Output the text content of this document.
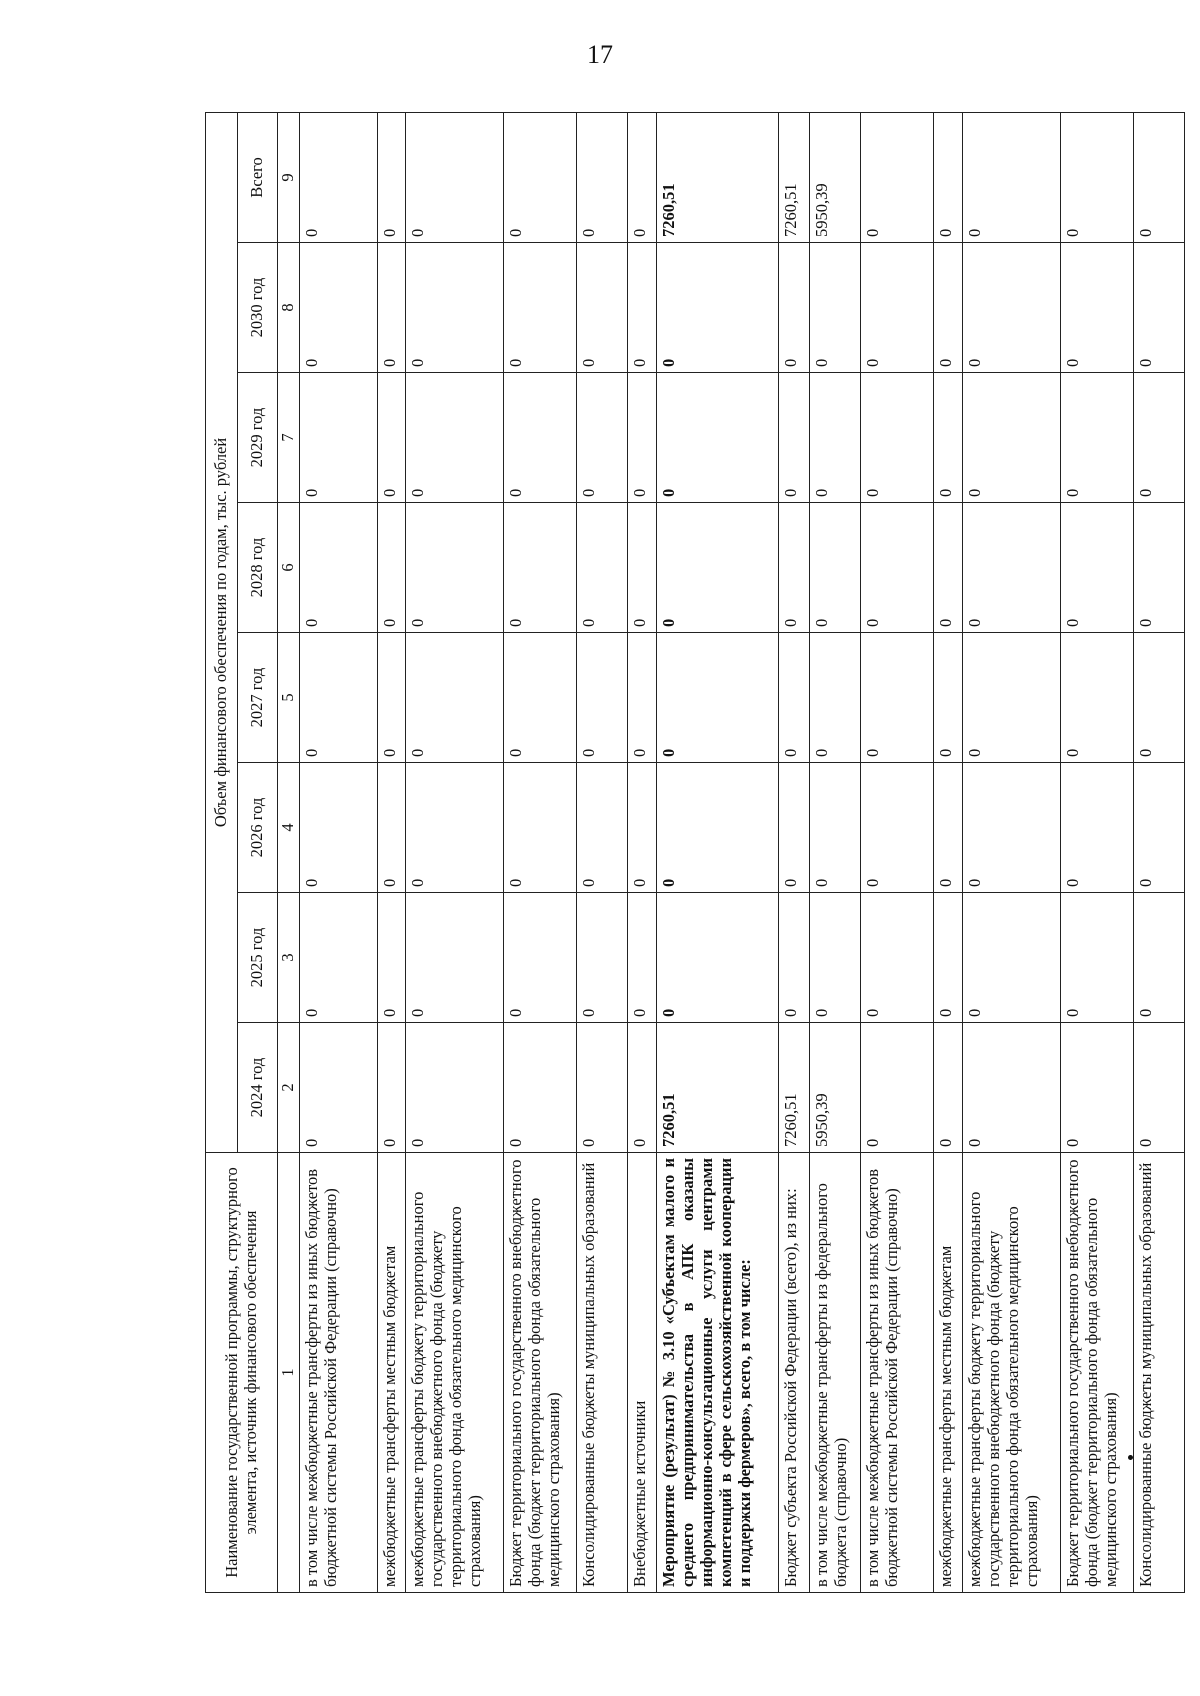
17
Наименование государственной программы, структурного элемента, источник финансового обеспечения	Объем финансового обеспечения по годам, тыс. рублей							
	2024 год	2025 год	2026 год	2027 год	2028 год	2029 год	2030 год	Всего
1	2	3	4	5	6	7	8	9
в том числе межбюджетные трансферты из иных бюджетов бюджетной системы Российской Федерации (справочно)	0	0	0	0	0	0	0	0
межбюджетные трансферты местным бюджетам	0	0	0	0	0	0	0	0
межбюджетные трансферты бюджету территориального государственного внебюджетного фонда (бюджету территориального фонда обязательного медицинского страхования)	0	0	0	0	0	0	0	0
Бюджет территориального государственного внебюджетного фонда (бюджет территориального фонда обязательного медицинского страхования)	0	0	0	0	0	0	0	0
Консолидированные бюджеты муниципальных образований	0	0	0	0	0	0	0	0
Внебюджетные источники	0	0	0	0	0	0	0	0
Мероприятие (результат) № 3.10 «Субъектам малого и среднего предпринимательства в АПК оказаны информационно-консультационные услуги центрами компетенций в сфере сельскохозяйственной кооперации и поддержки фермеров», всего, в том числе:	7260,51	0	0	0	0	0	0	7260,51
Бюджет субъекта Российской Федерации (всего), из них:	7260,51	0	0	0	0	0	0	7260,51
в том числе межбюджетные трансферты из федерального бюджета (справочно)	5950,39	0	0	0	0	0	0	5950,39
в том числе межбюджетные трансферты из иных бюджетов бюджетной системы Российской Федерации (справочно)	0	0	0	0	0	0	0	0
межбюджетные трансферты местным бюджетам	0	0	0	0	0	0	0	0
межбюджетные трансферты бюджету территориального государственного внебюджетного фонда (бюджету территориального фонда обязательного медицинского страхования)	0	0	0	0	0	0	0	0
Бюджет территориального государственного внебюджетного фонда (бюджет территориального фонда обязательного медицинского страхования)	0	0	0	0	0	0	0	0
Консолидированные бюджеты муниципальных образований	0	0	0	0	0	0	0	0
